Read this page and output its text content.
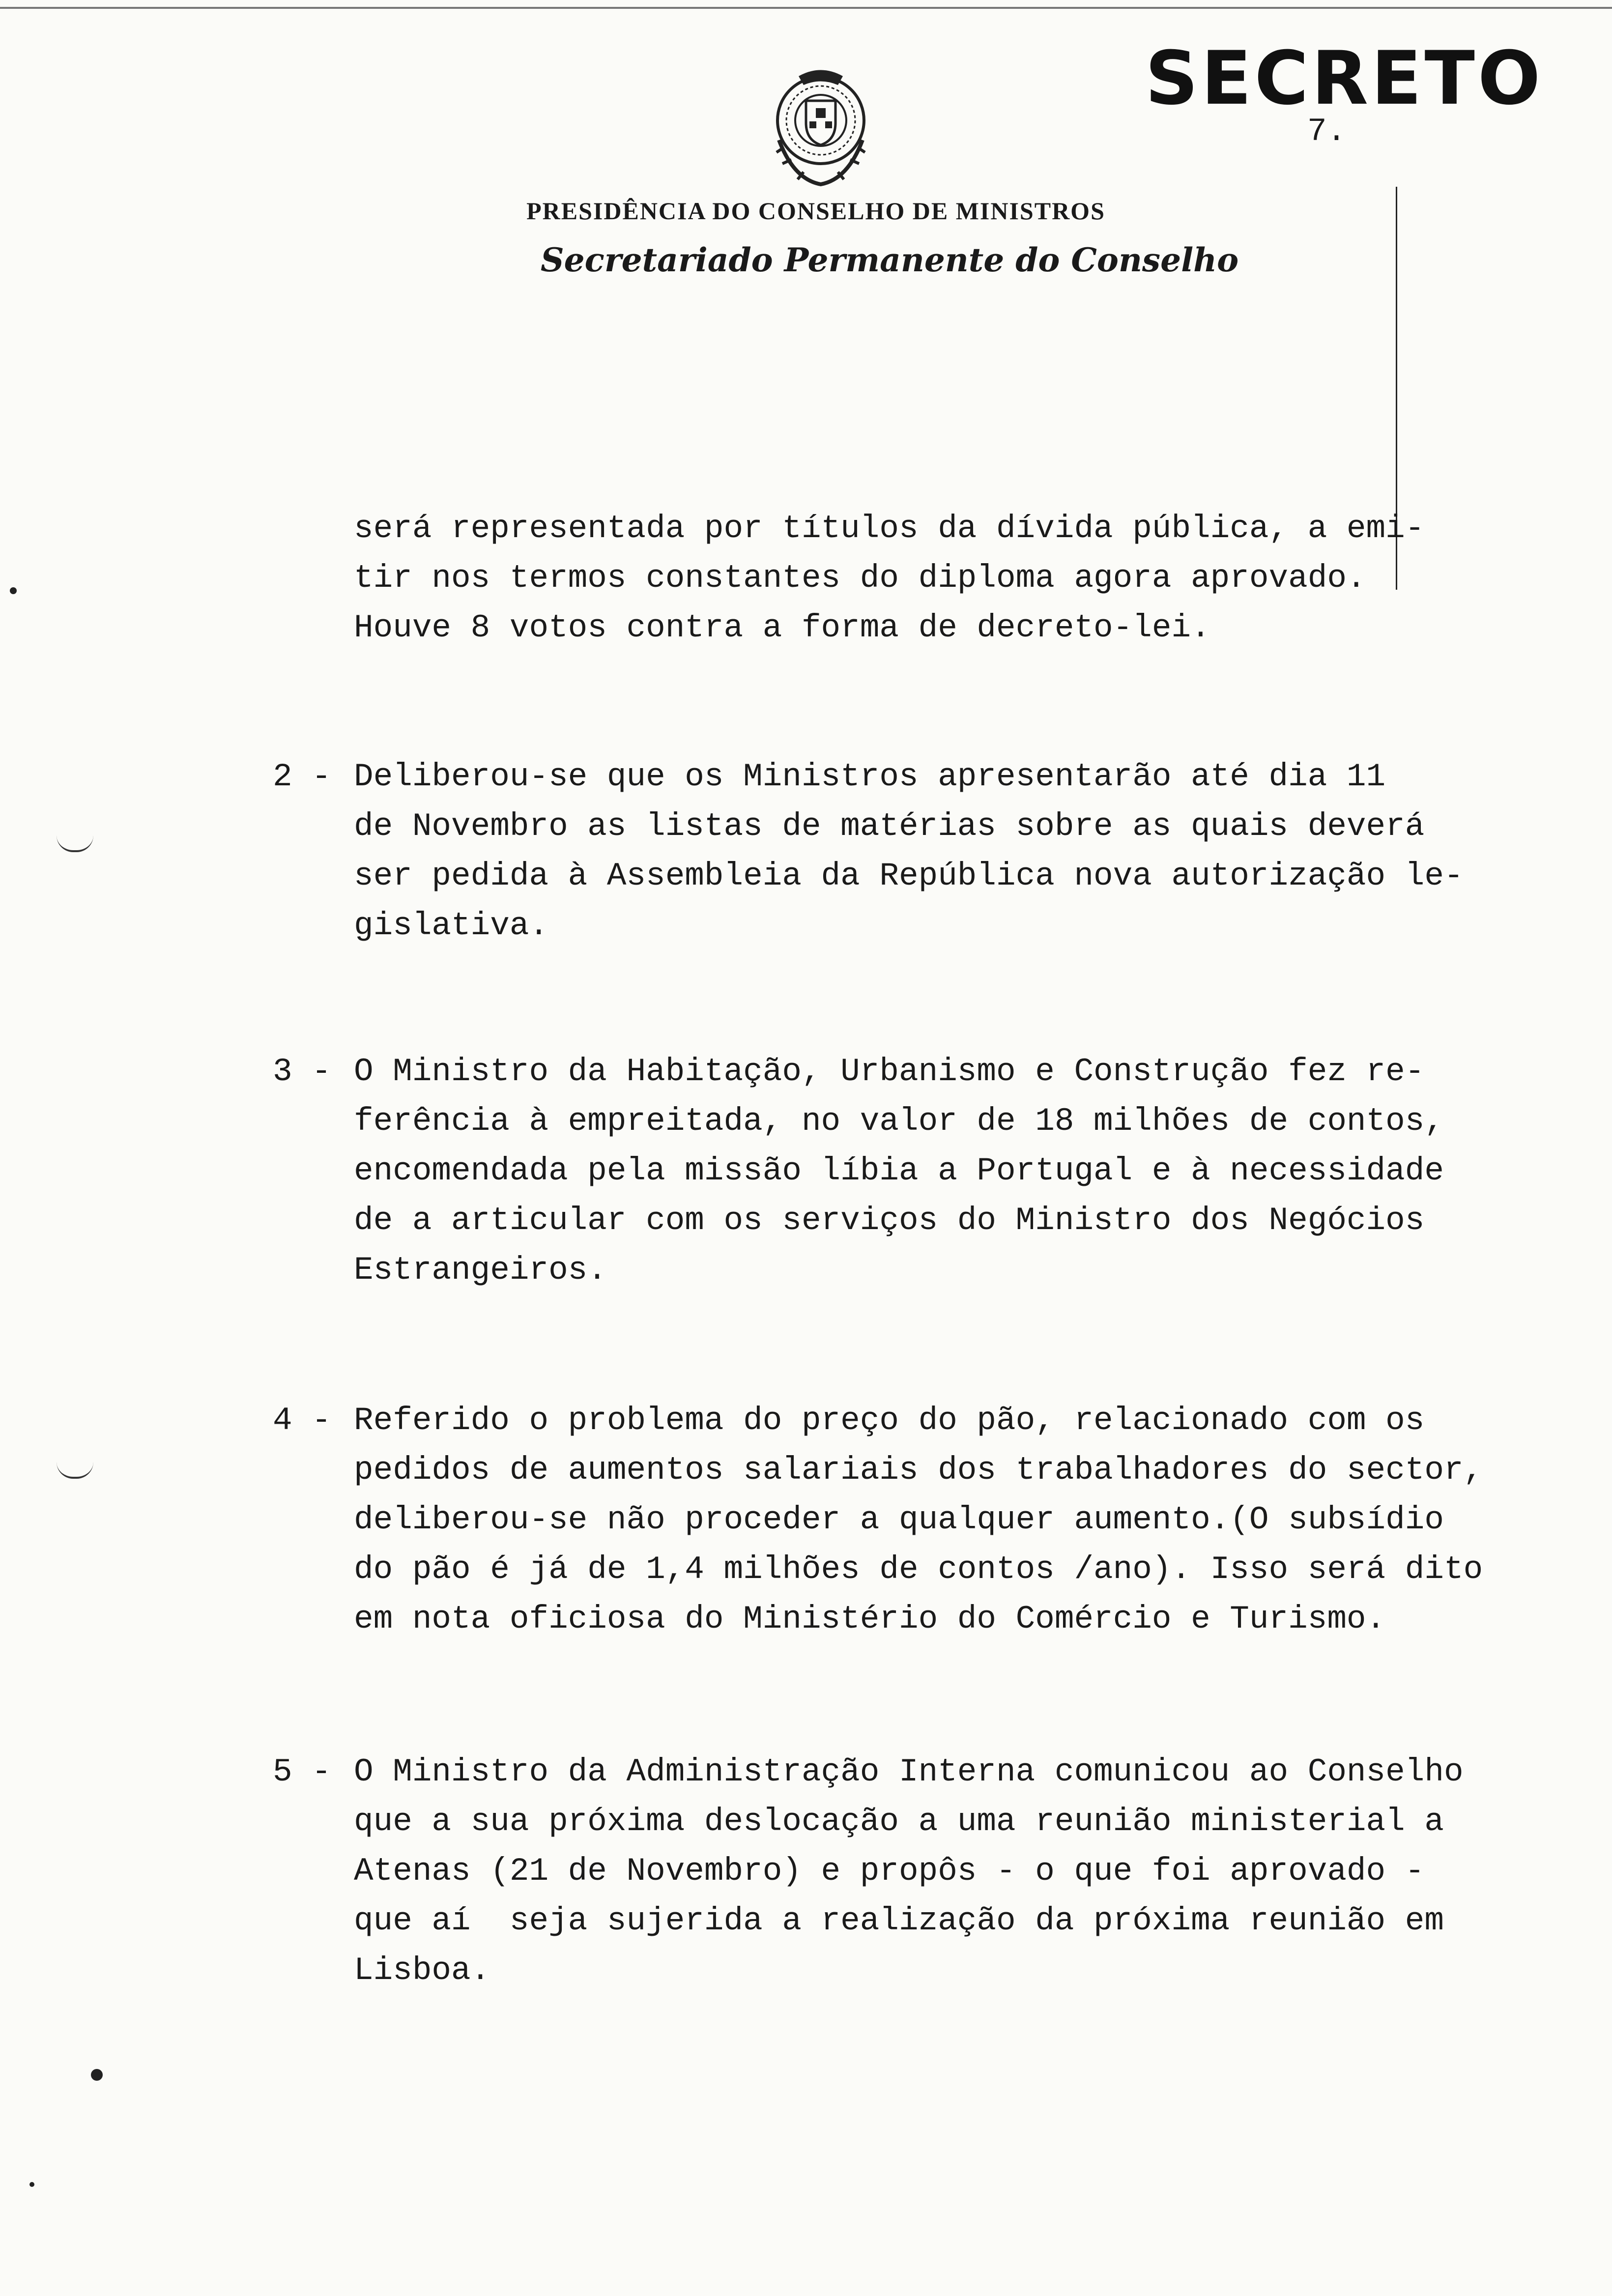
SECRETO
7.
PRESIDÊNCIA DO CONSELHO DE MINISTROS
Secretariado Permanente do Conselho
será representada por títulos da dívida pública, a emi-
tir nos termos constantes do diploma agora aprovado.
Houve 8 votos contra a forma de decreto-lei.
2 - Deliberou-se que os Ministros apresentarão até dia 11
de Novembro as listas de matérias sobre as quais deverá
ser pedida à Assembleia da República nova autorização le-
gislativa.
3 - O Ministro da Habitação, Urbanismo e Construção fez re-
ferência à empreitada, no valor de 18 milhões de contos,
encomendada pela missão líbia a Portugal e à necessidade
de a articular com os serviços do Ministro dos Negócios
Estrangeiros.
4 - Referido o problema do preço do pão, relacionado com os
pedidos de aumentos salariais dos trabalhadores do sector,
deliberou-se não proceder a qualquer aumento.(O subsídio
do pão é já de 1,4 milhões de contos /ano). Isso será dito
em nota oficiosa do Ministério do Comércio e Turismo.
5 - O Ministro da Administração Interna comunicou ao Conselho
que a sua próxima deslocação a uma reunião ministerial a
Atenas (21 de Novembro) e propôs - o que foi aprovado -
que aí  seja sujerida a realização da próxima reunião em
Lisboa.
